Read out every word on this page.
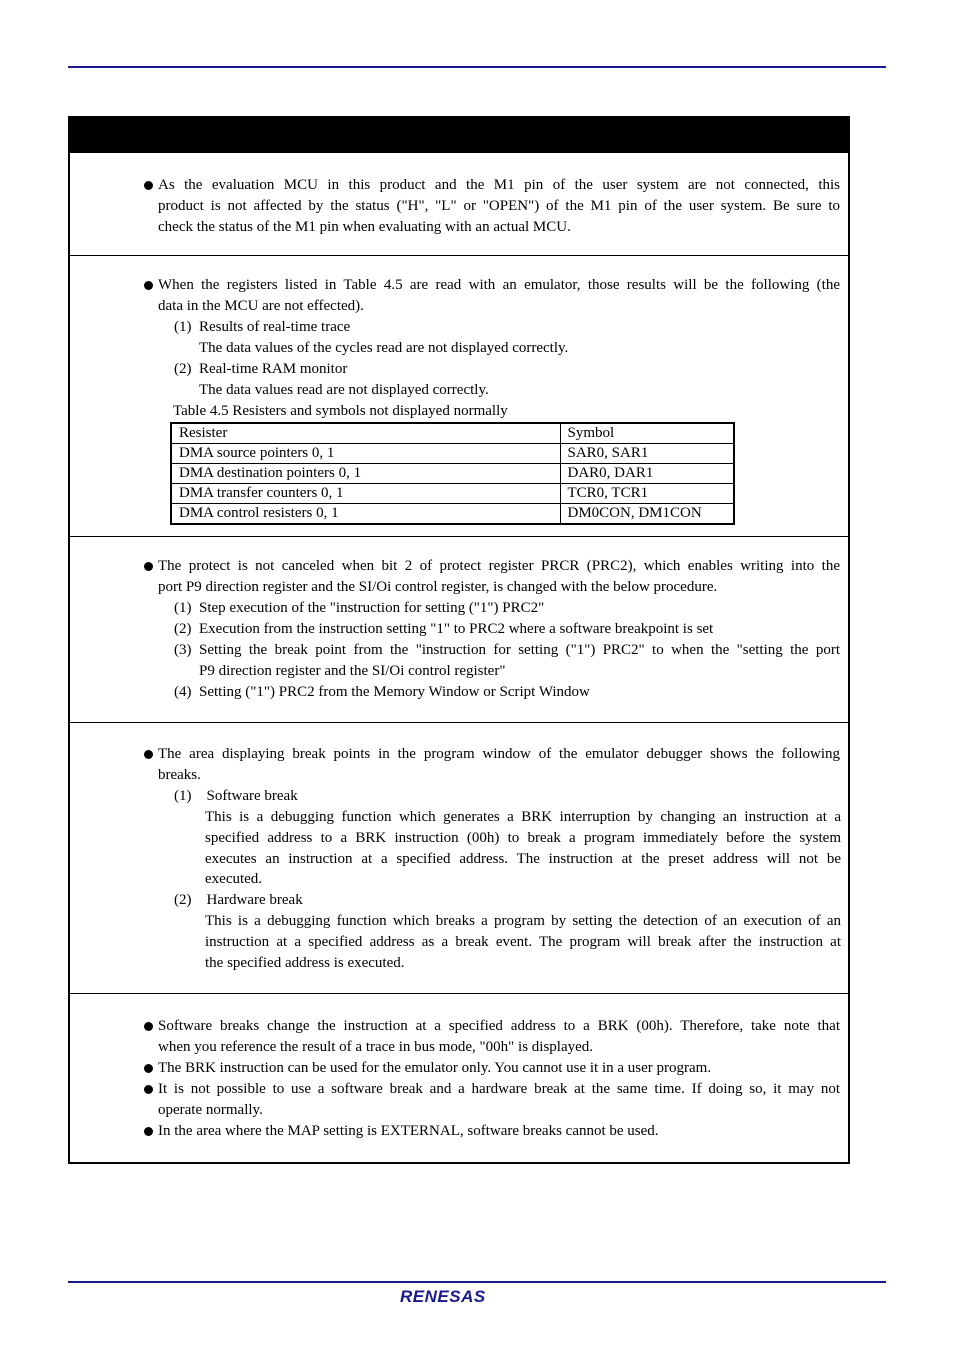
As the evaluation MCU in this product and the M1 pin of the user system are not connected, this
product is not affected by the status ("H", "L" or "OPEN") of the M1 pin of the user system. Be sure to
check the status of the M1 pin when evaluating with an actual MCU.
When the registers listed in Table 4.5 are read with an emulator, those results will be the following (the
data in the MCU are not effected).
(1) Results of real-time trace
The data values of the cycles read are not displayed correctly.
(2) Real-time RAM monitor
The data values read are not displayed correctly.
Table 4.5 Resisters and symbols not displayed normally
Resister	Symbol
DMA source pointers 0, 1	SAR0, SAR1
DMA destination pointers 0, 1	DAR0, DAR1
DMA transfer counters 0, 1	TCR0, TCR1
DMA control resisters 0, 1	DM0CON, DM1CON
The protect is not canceled when bit 2 of protect register PRCR (PRC2), which enables writing into the
port P9 direction register and the SI/Oi control register, is changed with the below procedure.
(1) Step execution of the "instruction for setting ("1") PRC2"
(2) Execution from the instruction setting "1" to PRC2 where a software breakpoint is set
(3) Setting the break point from the "instruction for setting ("1") PRC2" to when the "setting the port
P9 direction register and the SI/Oi control register"
(4) Setting ("1") PRC2 from the Memory Window or Script Window
The area displaying break points in the program window of the emulator debugger shows the following
breaks.
(1) Software break
This is a debugging function which generates a BRK interruption by changing an instruction at a
specified address to a BRK instruction (00h) to break a program immediately before the system
executes an instruction at a specified address. The instruction at the preset address will not be
executed.
(2) Hardware break
This is a debugging function which breaks a program by setting the detection of an execution of an
instruction at a specified address as a break event. The program will break after the instruction at
the specified address is executed.
Software breaks change the instruction at a specified address to a BRK (00h). Therefore, take note that
when you reference the result of a trace in bus mode, "00h" is displayed.
The BRK instruction can be used for the emulator only. You cannot use it in a user program.
It is not possible to use a software break and a hardware break at the same time. If doing so, it may not
operate normally.
In the area where the MAP setting is EXTERNAL, software breaks cannot be used.
RENESAS
